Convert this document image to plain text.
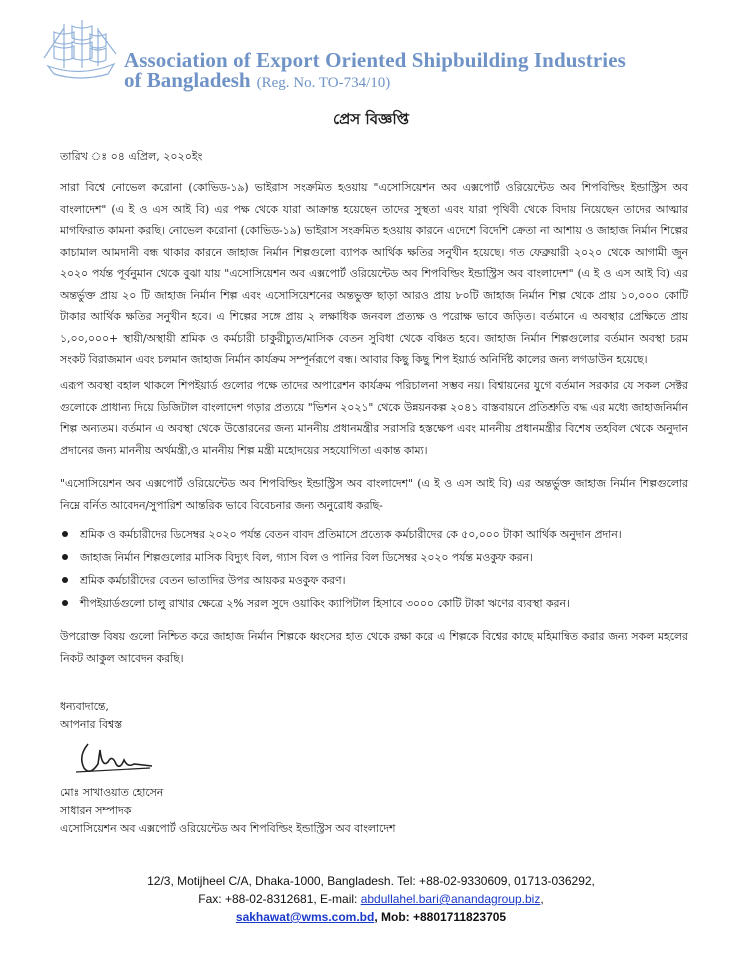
Association of Export Oriented Shipbuilding Industries
of Bangladesh (Reg. No. TO-734/10)
প্রেস বিজ্ঞপ্তি
তারিখ ঃ ০৪ এপ্রিল, ২০২০ইং

সারা বিশ্বে নোভেল করোনা (কোভিড-১৯) ভাইরাস সংক্রমিত হওয়ায় "এসোসিয়েশন অব এক্সপোর্ট ওরিয়েন্টেড অব শিপবিল্ডিং ইন্ডাস্ট্রিস অব বাংলাদেশ" (এ ই ও এস আই বি) এর পক্ষ থেকে যারা আক্রান্ত হয়েছেন তাদের সুস্থতা এবং যারা পৃথিবী থেকে বিদায় নিয়েছেন তাদের আত্মার মাগফিরাত কামনা করছি। নোভেল করোনা (কোভিড-১৯) ভাইরাস সংক্রমিত হওয়ায় কারনে এদেশে বিদেশি ক্রেতা না আশায় ও জাহাজ নির্মান শিল্পের কাচামাল আমদানী বন্ধ থাকার কারনে জাহাজ নির্মান শিল্পগুলো ব্যাপক আর্থিক ক্ষতির সনুখীন হয়েছে। গত ফেব্রুয়ারী ২০২০ থেকে আগামী জুন ২০২০ পর্যন্ত পূর্বনুমান থেকে বুঝা যায় "এসোসিয়েশন অব এক্সপোর্ট ওরিয়েন্টেড অব শিপবিল্ডিং ইন্ডাস্ট্রিস অব বাংলাদেশ" (এ ই ও এস আই বি) এর অন্তর্ভুক্ত প্রায় ২০ টি জাহাজ নির্মান শিল্প এবং এসোসিয়েশনের অন্তভুক্ত ছাড়া আরও প্রায় ৮০টি জাহাজ নির্মান শিল্প থেকে প্রায় ১০,০০০ কোটি টাকার আর্থিক ক্ষতির সনুখীন হবে। এ শিল্পের সঙ্গে প্রায় ২ লক্ষাধিক জনবল প্রত্যক্ষ ও পরোক্ষ ভাবে জড়িত। বর্তমানে এ অবস্থার প্রেক্ষিতে প্রায় ১,০০,০০০+ স্থায়ী/অস্থায়ী শ্রমিক ও কর্মচারী চাকুরীচ্যুত/মাসিক বেতন সুবিধা থেকে বঞ্চিত হবে। জাহাজ নির্মান শিল্পগুলোর বর্তমান অবস্থা চরম সংকট বিরাজমান এবং চলমান জাহাজ নির্মান কার্যক্রম সম্পূর্নরূপে বন্ধ। আবার কিছু কিছু শিপ ইয়ার্ড অনির্দিষ্ট কালের জন্য লগডাউন হয়েছে।

এরূপ অবস্থা বহাল থাকলে শিপইয়ার্ড গুলোর পক্ষে তাদের অপারেশন কার্যক্রম পরিচালনা সম্ভব নয়। বিশ্বায়নের যুগে বর্তমান সরকার যে সকল সেক্টর গুলোকে প্রাধান্য দিয়ে ডিজিটাল বাংলাদেশ গড়ার প্রত্যয়ে "ভিশন ২০২১" থেকে উন্নয়নকল্প ২০৪১ বাস্তবায়নে প্রতিশ্রুতি বদ্ধ এর মধ্যে জাহাজনির্মান শিল্প অন্যতম। বর্তমান এ অবস্থা থেকে উত্তোরনের জন্য মাননীয় প্রধানমন্ত্রীর সরাসরি হস্তক্ষেপ এবং মাননীয় প্রধানমন্ত্রীর বিশেষ তহবিল থেকে অনুদান প্রদানের জন্য মাননীয় অর্থমন্ত্রী,ও মাননীয় শিল্প মন্ত্রী মহোদয়ের সহযোগিতা একান্ত কাম্য।

"এসোসিয়েশন অব এক্সপোর্ট ওরিয়েন্টেড অব শিপবিল্ডিং ইন্ডাস্ট্রিস অব বাংলাদেশ" (এ ই ও এস আই বি) এর অন্তর্ভুক্ত জাহাজ নির্মান শিল্পগুলোর নিম্নে বর্নিত আবেদন/সুপারিশ আন্তরিক ভাবে বিবেচনার জন্য অনুরোধ করছি-

শ্রমিক ও কর্মচারীদের ডিসেম্বর ২০২০ পর্যন্ত বেতন বাবদ প্রতিমাসে প্রত্যেক কর্মচারীদের কে ৫০,০০০ টাকা আর্থিক অনুদান প্রদান।
জাহাজ নির্মান শিল্পগুলোর মাসিক বিদ্যুৎ বিল, গ্যাস বিল ও পানির বিল ডিসেম্বর ২০২০ পর্যন্ত মওকুফ করন।
শ্রমিক কর্মচারীদের বেতন ভাতাদির উপর আয়কর মওকুফ করণ।
শীপইয়ার্ডগুলো চালু রাখার ক্ষেত্রে ২% সরল সুদে ওয়াকিং ক্যাপিটাল হিসাবে ৩০০০ কোটি টাকা ঋণের ব্যবস্থা করন।

উপরোক্ত বিষয় গুলো নিশ্চিত করে জাহাজ নির্মান শিল্পকে ধ্বংসের হাত থেকে রক্ষা করে এ শিল্পকে বিশ্বের কাছে মহিমান্বিত করার জন্য সকল মহলের নিকট আকুল আবেদন করছি।

ধন্যবাদান্তে,
আপনার বিশ্বস্ত
মোঃ সাখাওয়াত হোসেন
সাধারন সম্পাদক
এসোসিয়েশন অব এক্সপোর্ট ওরিয়েন্টেড অব শিপবিল্ডিং ইন্ডাস্ট্রিস অব বাংলাদেশ
12/3, Motijheel C/A, Dhaka-1000, Bangladesh. Tel: +88-02-9330609, 01713-036292,
Fax: +88-02-8312681, E-mail: abdullahel.bari@anandagroup.biz,
sakhawat@wms.com.bd, Mob: +8801711823705
